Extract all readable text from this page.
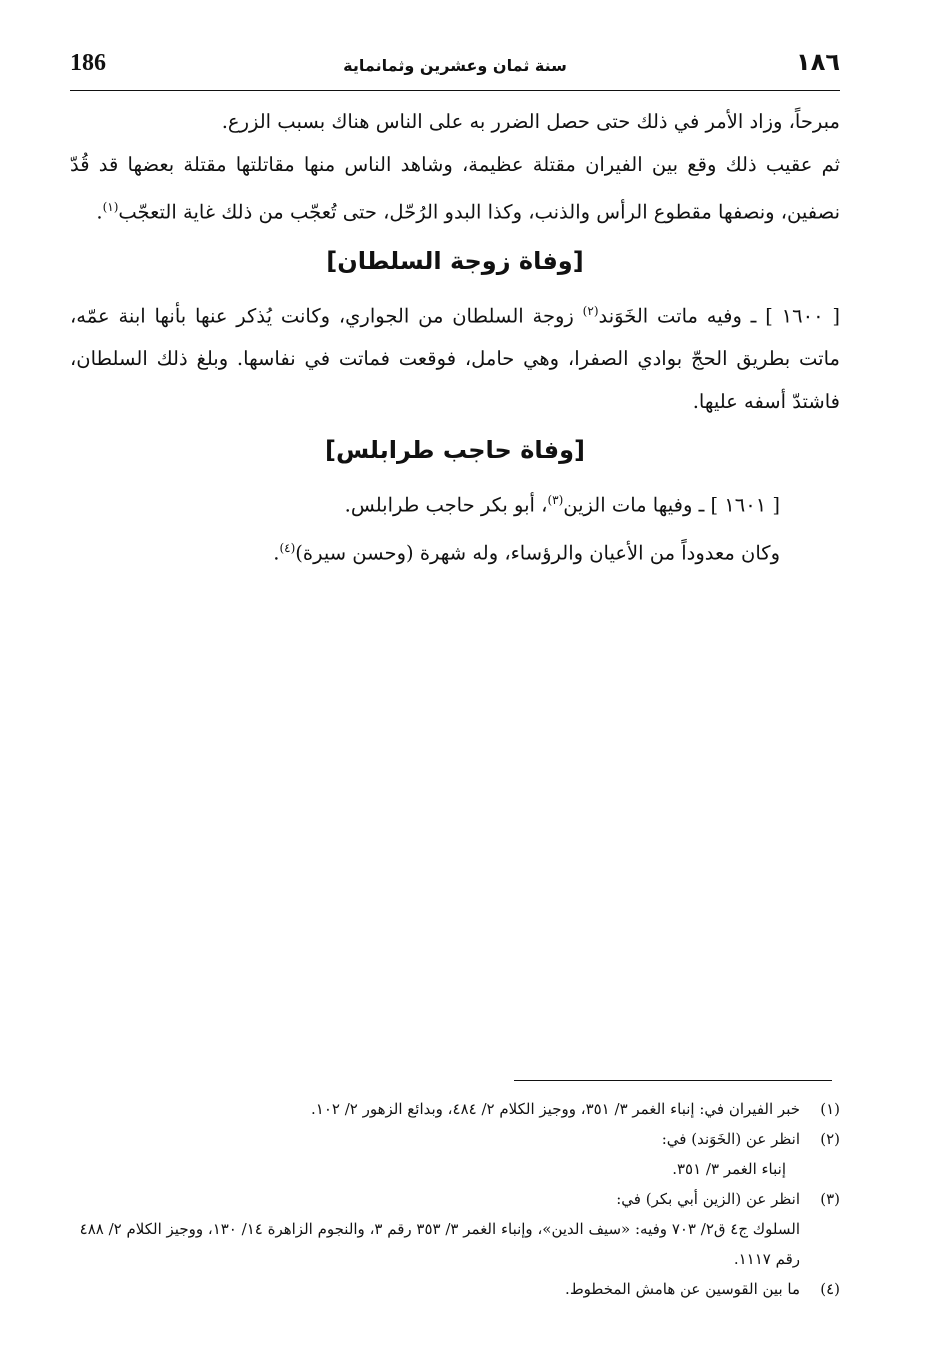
186	سنة ثمان وعشرين وثمانماية	١٨٦

مبرحاً، وزاد الأمر في ذلك حتى حصل الضرر به على الناس هناك بسبب الزرع.

ثم عقيب ذلك وقع بين الفيران مقتلة عظيمة، وشاهد الناس منها مقاتلتها مقتلة بعضها قد قُدّ نصفين، ونصفها مقطوع الرأس والذنب، وكذا البدو الرُحّل، حتى تُعجّب من ذلك غاية التعجّب$^{(١)}$.

[وفاة زوجة السلطان]

[ ١٦٠٠ ] ـ وفيه ماتت الخَوَند$^{(٢)}$ زوجة السلطان من الجواري، وكانت يُذكر عنها بأنها ابنة عمّه، ماتت بطريق الحجّ بوادي الصفرا، وهي حامل، فوقعت فماتت في نفاسها. وبلغ ذلك السلطان، فاشتدّ أسفه عليها.

[وفاة حاجب طرابلس]

[ ١٦٠١ ] ـ وفيها مات الزين$^{(٣)}$، أبو بكر حاجب طرابلس.

وكان معدوداً من الأعيان والرؤساء، وله شهرة (وحسن سيرة)$^{(٤)}$.

(١)

خبر الفيران في: إنباء الغمر ٣/ ٣٥١، ووجيز الكلام ٢/ ٤٨٤، وبدائع الزهور ٢/ ١٠٢.

(٢)

انظر عن (الخَوَند) في:

إنباء الغمر ٣/ ٣٥١.

(٣)

انظر عن (الزين أبي بكر) في:

السلوك ج٤ ق٢/ ٧٠٣ وفيه: «سيف الدين»، وإنباء الغمر ٣/ ٣٥٣ رقم ٣، والنجوم الزاهرة ١٤/ ١٣٠، ووجيز الكلام ٢/ ٤٨٨ رقم ١١١٧.

(٤)

ما بين القوسين عن هامش المخطوط.
